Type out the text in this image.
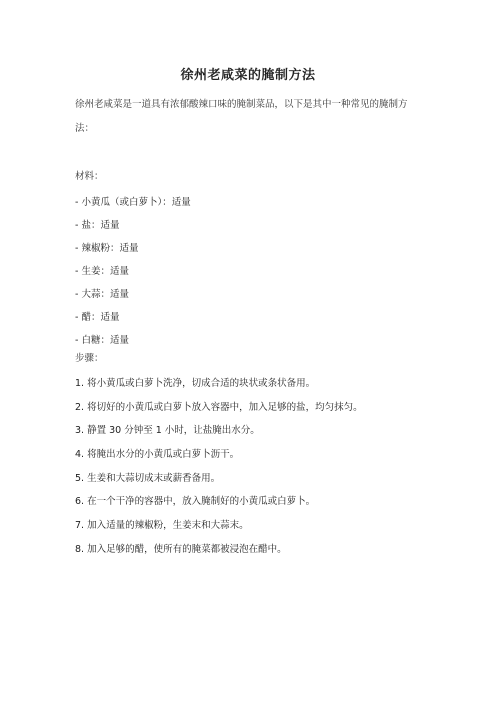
徐州老咸菜的腌制方法
徐州老咸菜是一道具有浓郁酸辣口味的腌制菜品，以下是其中一种常见的腌制方法：
材料：
- 小黄瓜（或白萝卜）：适量
- 盐：适量
- 辣椒粉：适量
- 生姜：适量
- 大蒜：适量
- 醋：适量
- 白糖：适量
步骤：
1. 将小黄瓜或白萝卜洗净，切成合适的块状或条状备用。
2. 将切好的小黄瓜或白萝卜放入容器中，加入足够的盐，均匀抹匀。
3. 静置 30 分钟至 1 小时，让盐腌出水分。
4. 将腌出水分的小黄瓜或白萝卜沥干。
5. 生姜和大蒜切成末或薪香备用。
6. 在一个干净的容器中，放入腌制好的小黄瓜或白萝卜。
7. 加入适量的辣椒粉，生姜末和大蒜末。
8. 加入足够的醋，使所有的腌菜都被浸泡在醋中。
